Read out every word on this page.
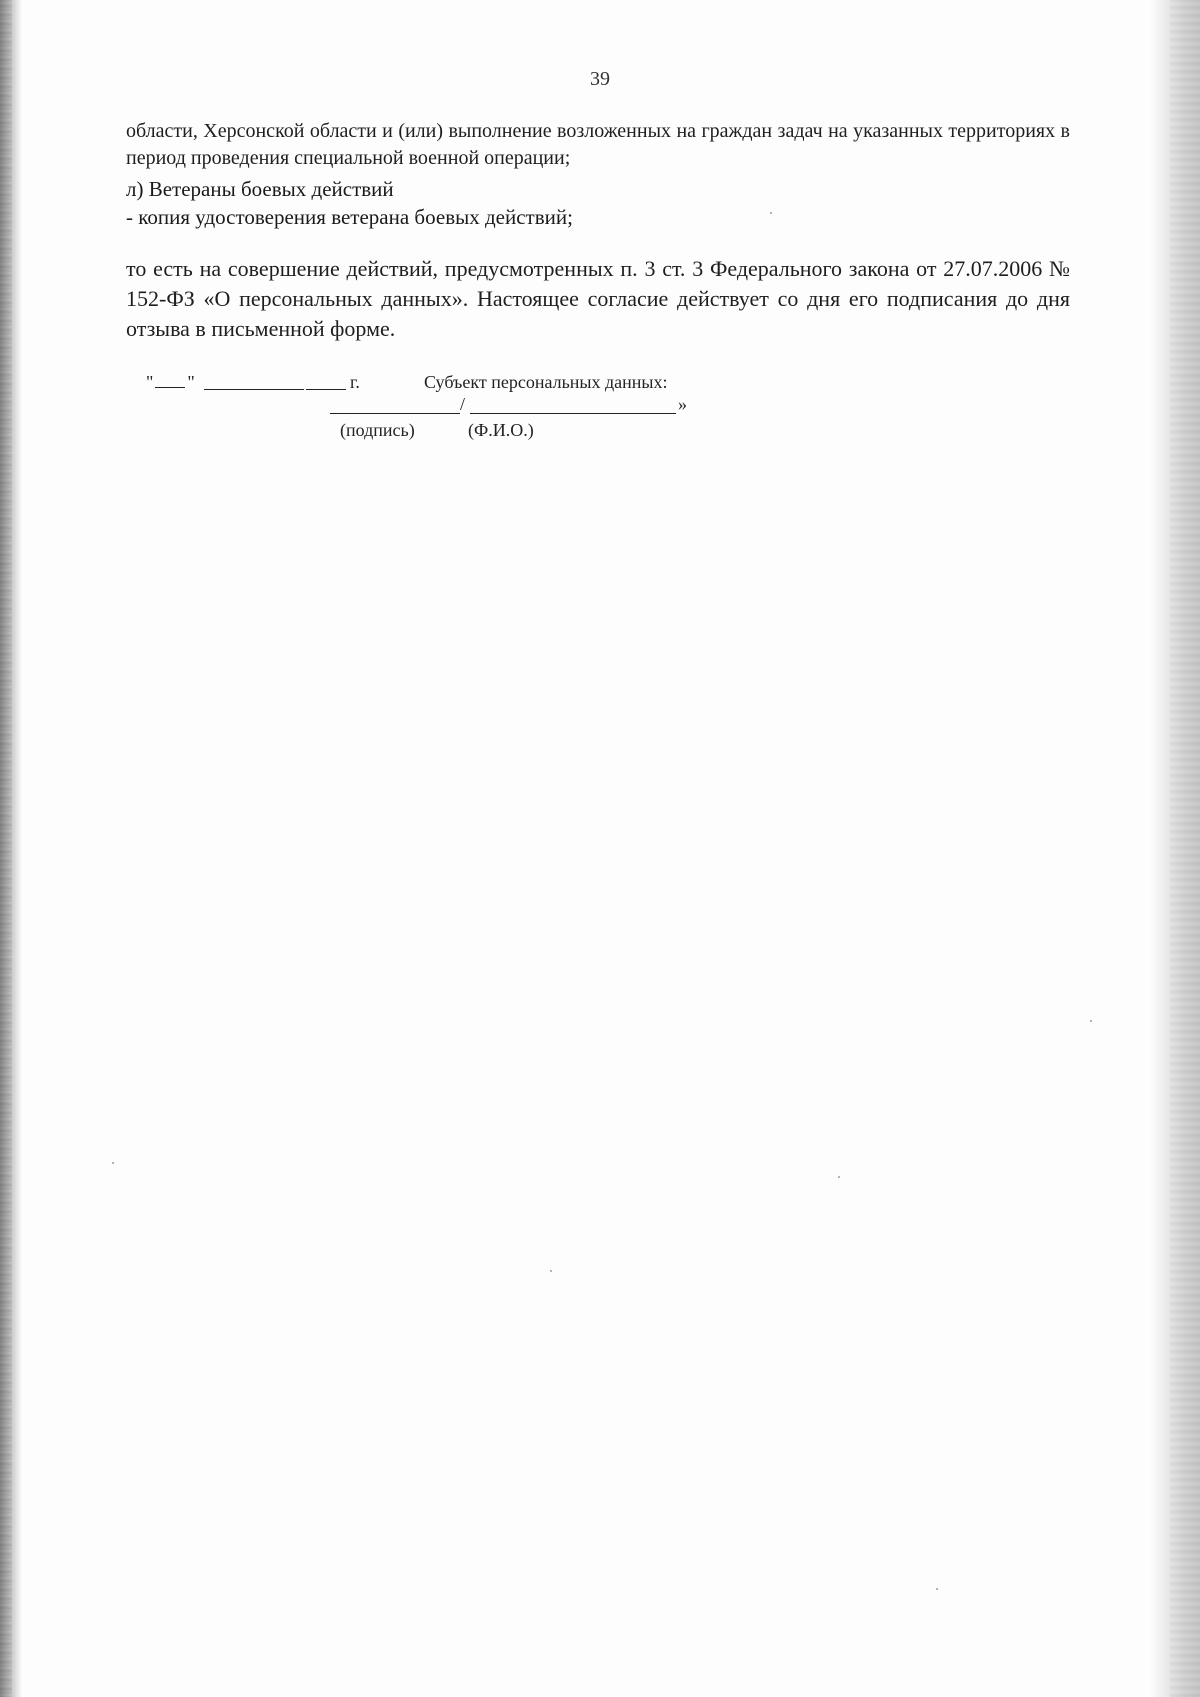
39
области, Херсонской области и (или) выполнение возложенных на граждан задач на указанных территориях в период проведения специальной военной операции;
л) Ветераны боевых действий
- копия удостоверения ветерана боевых действий;
то есть на совершение действий, предусмотренных п. 3 ст. 3 Федерального закона от 27.07.2006 № 152-ФЗ «О персональных данных». Настоящее согласие действует со дня его подписания до дня отзыва в письменной форме.
" "	г.	Субъект персональных данных:
/	»
(подпись)	(Ф.И.О.)
